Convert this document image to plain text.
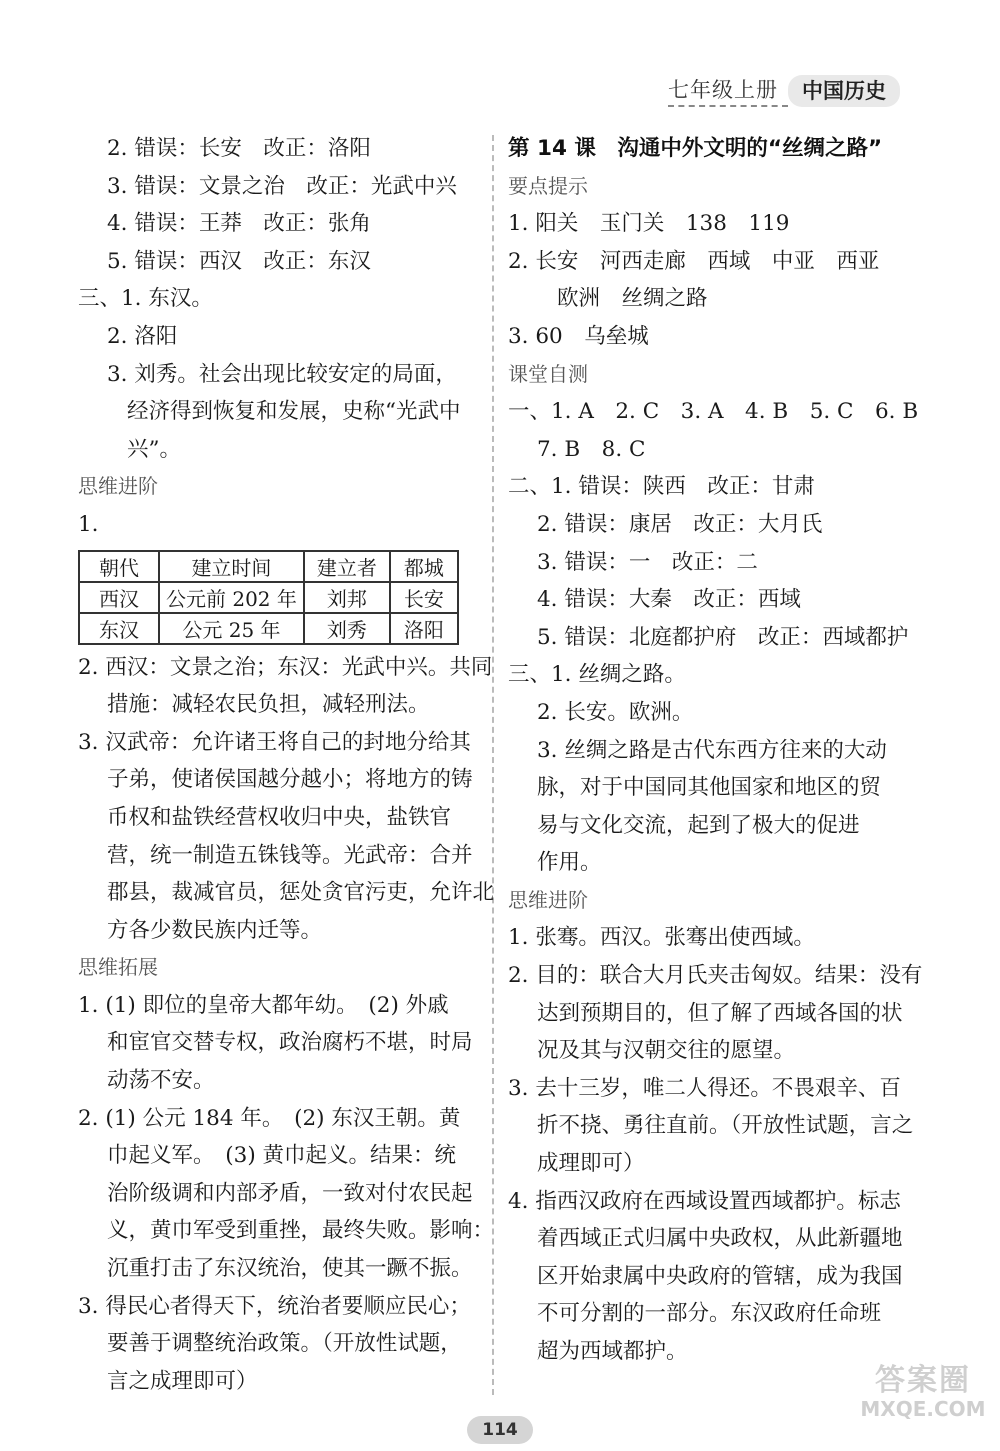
七年级上册	中国历史
2. 错误：长安　改正：洛阳
3. 错误：文景之治　改正：光武中兴
4. 错误：王莽　改正：张角
5. 错误：西汉　改正：东汉
三、1. 东汉。
2. 洛阳
3. 刘秀。社会出现比较安定的局面，
经济得到恢复和发展，史称“光武中
兴”。
思维进阶
1.
朝代	建立时间	建立者	都城
西汉	公元前 202 年	刘邦	长安
东汉	公元 25 年	刘秀	洛阳
2. 西汉：文景之治；东汉：光武中兴。共同
措施：减轻农民负担，减轻刑法。
3. 汉武帝：允许诸王将自己的封地分给其
子弟，使诸侯国越分越小；将地方的铸
币权和盐铁经营权收归中央，盐铁官
营，统一制造五铢钱等。光武帝：合并
郡县，裁减官员，惩处贪官污吏，允许北
方各少数民族内迁等。
思维拓展
1. (1) 即位的皇帝大都年幼。　(2) 外戚
和宦官交替专权，政治腐朽不堪，时局
动荡不安。
2. (1) 公元 184 年。　(2) 东汉王朝。黄
巾起义军。　(3) 黄巾起义。结果：统
治阶级调和内部矛盾，一致对付农民起
义，黄巾军受到重挫，最终失败。影响：
沉重打击了东汉统治，使其一蹶不振。
3. 得民心者得天下，统治者要顺应民心；
要善于调整统治政策。（开放性试题，
言之成理即可）
第 14 课　沟通中外文明的“丝绸之路”
要点提示
1. 阳关　玉门关　138　119
2. 长安　河西走廊　西域　中亚　西亚
欧洲　丝绸之路
3. 60　乌垒城
课堂自测
一、1. A　2. C　3. A　4. B　5. C　6. B
7. B　8. C
二、1. 错误：陕西　改正：甘肃
2. 错误：康居　改正：大月氏
3. 错误：一　改正：二
4. 错误：大秦　改正：西域
5. 错误：北庭都护府　改正：西域都护
三、1. 丝绸之路。
2. 长安。欧洲。
3. 丝绸之路是古代东西方往来的大动
脉，对于中国同其他国家和地区的贸
易与文化交流，起到了极大的促进
作用。
思维进阶
1. 张骞。西汉。张骞出使西域。
2. 目的：联合大月氏夹击匈奴。结果：没有
达到预期目的，但了解了西域各国的状
况及其与汉朝交往的愿望。
3. 去十三岁，唯二人得还。不畏艰辛、百
折不挠、勇往直前。（开放性试题，言之
成理即可）
4. 指西汉政府在西域设置西域都护。标志
着西域正式归属中央政权，从此新疆地
区开始隶属中央政府的管辖，成为我国
不可分割的一部分。东汉政府任命班
超为西域都护。
114
答案圈
MXQE.COM
